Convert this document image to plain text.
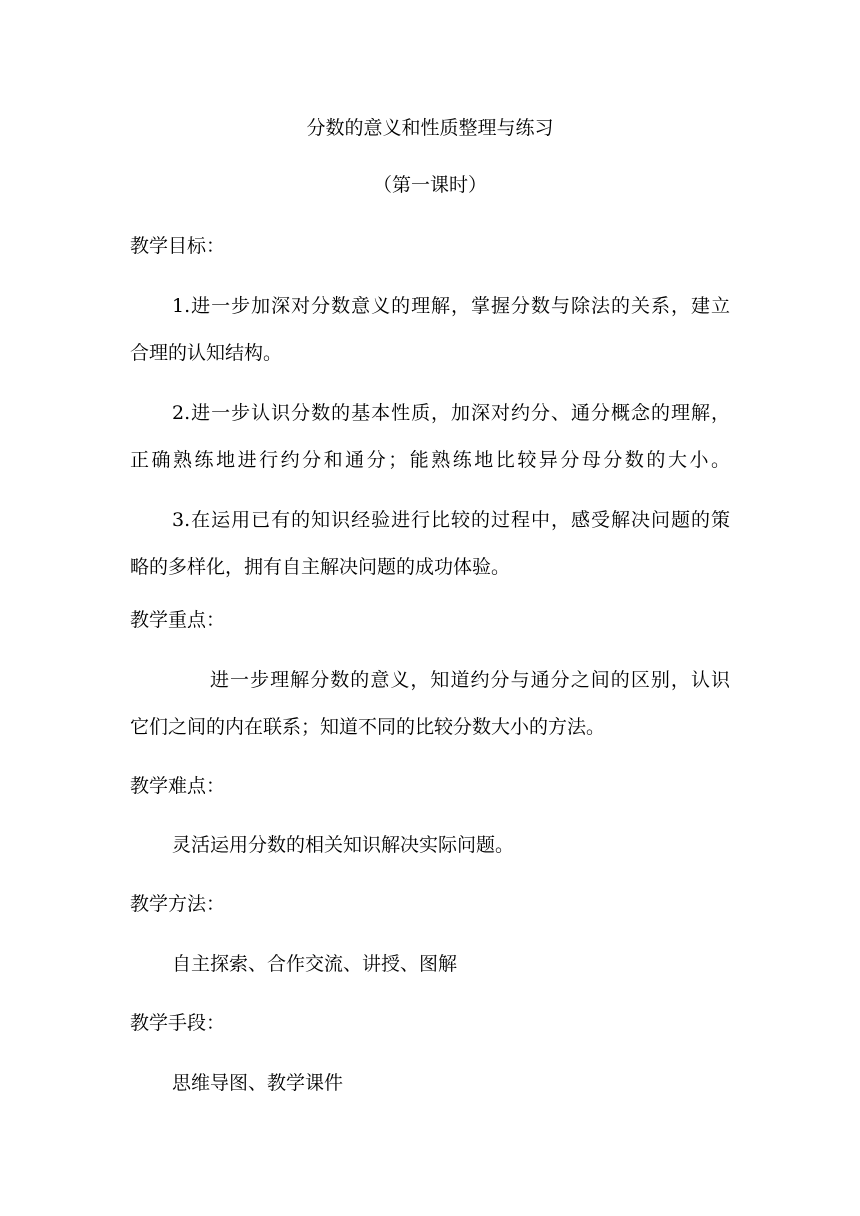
分数的意义和性质整理与练习
（第一课时）
教学目标：
1.进一步加深对分数意义的理解，掌握分数与除法的关系，建立
合理的认知结构。
2.进一步认识分数的基本性质，加深对约分、通分概念的理解，
正确熟练地进行约分和通分；能熟练地比较异分母分数的大小。
3.在运用已有的知识经验进行比较的过程中，感受解决问题的策
略的多样化，拥有自主解决问题的成功体验。
教学重点：
进一步理解分数的意义，知道约分与通分之间的区别，认识
它们之间的内在联系；知道不同的比较分数大小的方法。
教学难点：
灵活运用分数的相关知识解决实际问题。
教学方法：
自主探索、合作交流、讲授、图解
教学手段：
思维导图、教学课件
